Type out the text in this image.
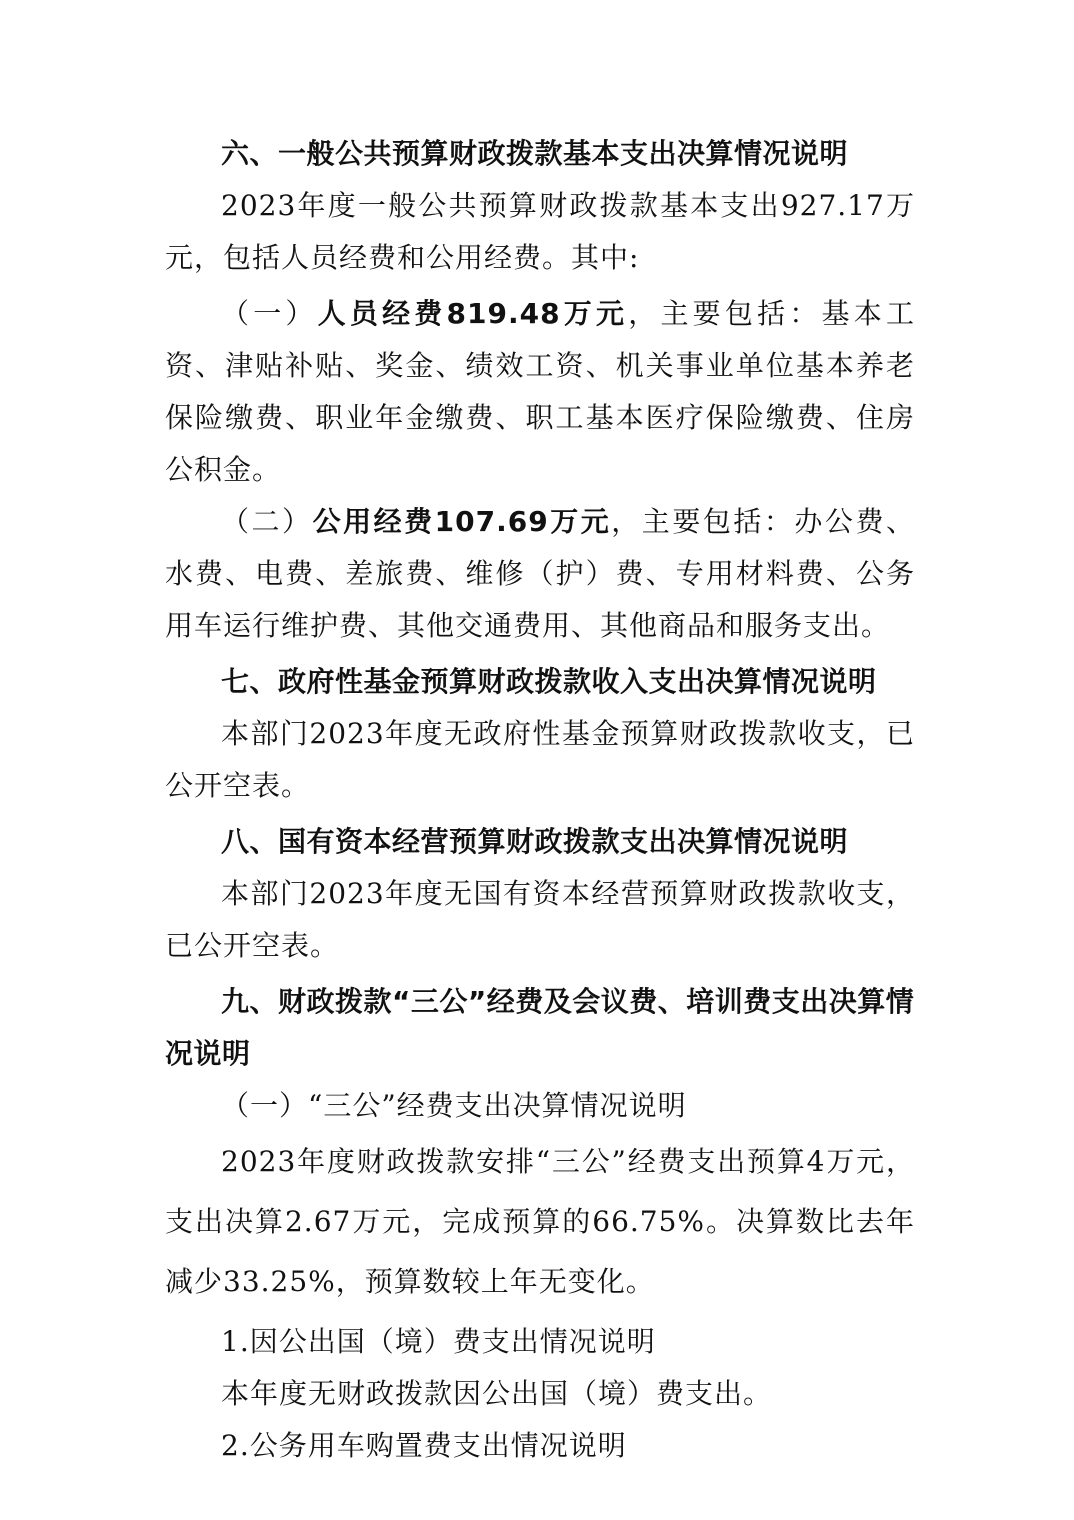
六、一般公共预算财政拨款基本支出决算情况说明

2023年度一般公共预算财政拨款基本支出927.17万元，包括人员经费和公用经费。其中:

（一）人员经费819.48万元，主要包括：基本工资、津贴补贴、奖金、绩效工资、机关事业单位基本养老保险缴费、职业年金缴费、职工基本医疗保险缴费、住房公积金。

（二）公用经费107.69万元，主要包括：办公费、水费、电费、差旅费、维修（护）费、专用材料费、公务用车运行维护费、其他交通费用、其他商品和服务支出。

七、政府性基金预算财政拨款收入支出决算情况说明

本部门2023年度无政府性基金预算财政拨款收支，已公开空表。

八、国有资本经营预算财政拨款支出决算情况说明

本部门2023年度无国有资本经营预算财政拨款收支，已公开空表。

九、财政拨款“三公”经费及会议费、培训费支出决算情况说明

（一）“三公”经费支出决算情况说明

2023年度财政拨款安排“三公”经费支出预算4万元，支出决算2.67万元，完成预算的66.75%。决算数比去年减少33.25%，预算数较上年无变化。

1.因公出国（境）费支出情况说明

本年度无财政拨款因公出国（境）费支出。

2.公务用车购置费支出情况说明
